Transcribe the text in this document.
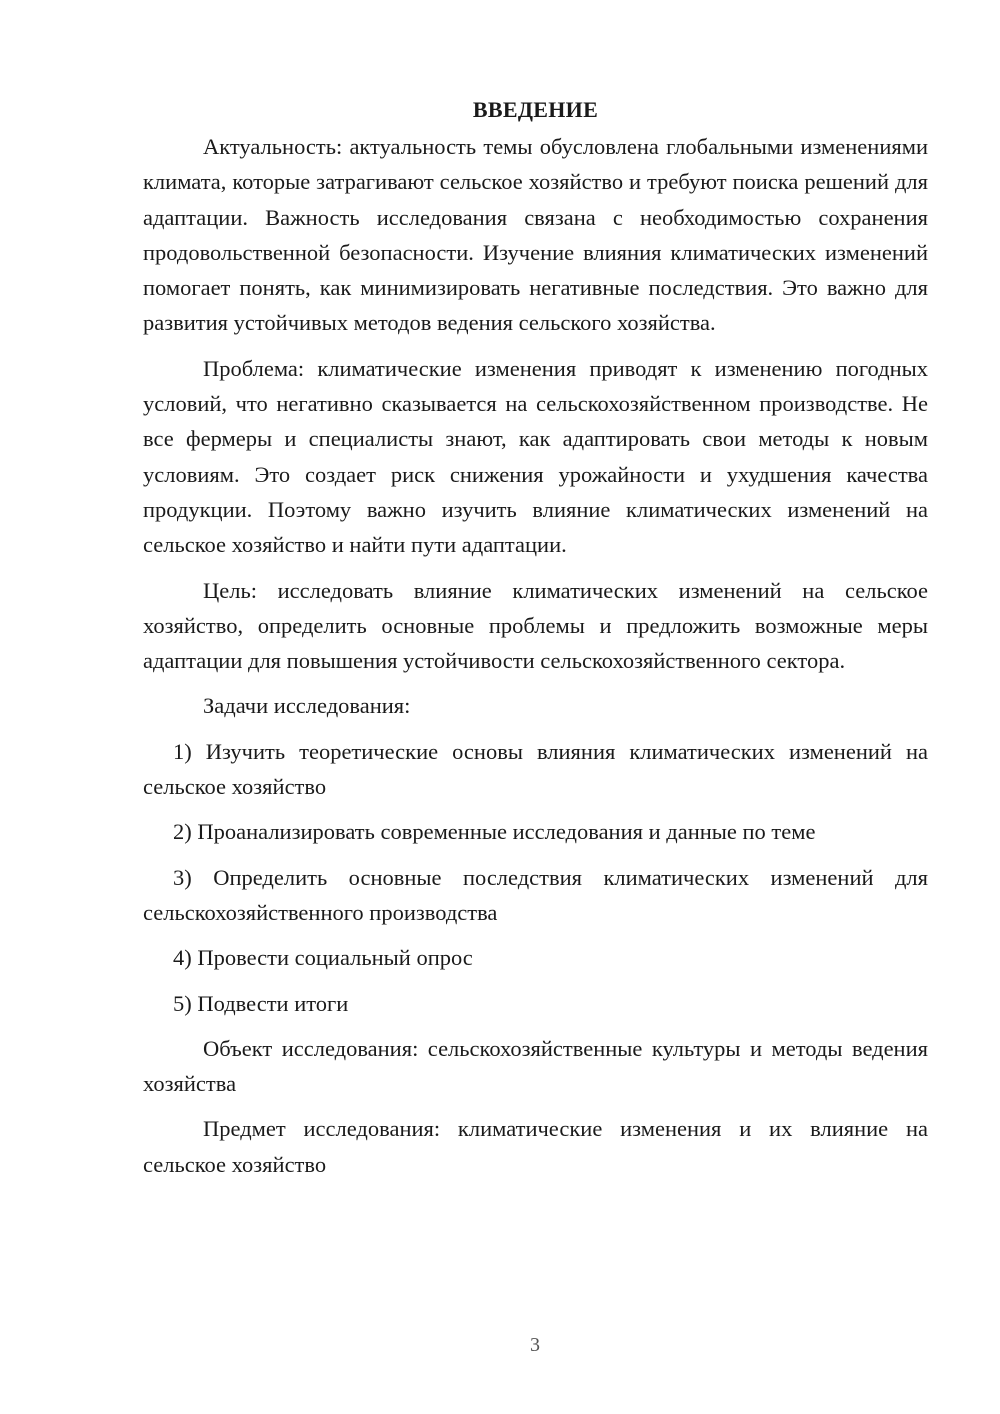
ВВЕДЕНИЕ

Актуальность: актуальность темы обусловлена глобальными изменениями климата, которые затрагивают сельское хозяйство и требуют поиска решений для адаптации. Важность исследования связана с необходимостью сохранения продовольственной безопасности. Изучение влияния климатических изменений помогает понять, как минимизировать негативные последствия. Это важно для развития устойчивых методов ведения сельского хозяйства.

Проблема: климатические изменения приводят к изменению погодных условий, что негативно сказывается на сельскохозяйственном производстве. Не все фермеры и специалисты знают, как адаптировать свои методы к новым условиям. Это создает риск снижения урожайности и ухудшения качества продукции. Поэтому важно изучить влияние климатических изменений на сельское хозяйство и найти пути адаптации.

Цель: исследовать влияние климатических изменений на сельское хозяйство, определить основные проблемы и предложить возможные меры адаптации для повышения устойчивости сельскохозяйственного сектора.

Задачи исследования:

1) Изучить теоретические основы влияния климатических изменений на сельское хозяйство

2) Проанализировать современные исследования и данные по теме

3) Определить основные последствия климатических изменений для сельскохозяйственного производства

4) Провести социальный опрос

5) Подвести итоги

Объект исследования: сельскохозяйственные культуры и методы ведения хозяйства

Предмет исследования: климатические изменения и их влияние на сельское хозяйство

3
